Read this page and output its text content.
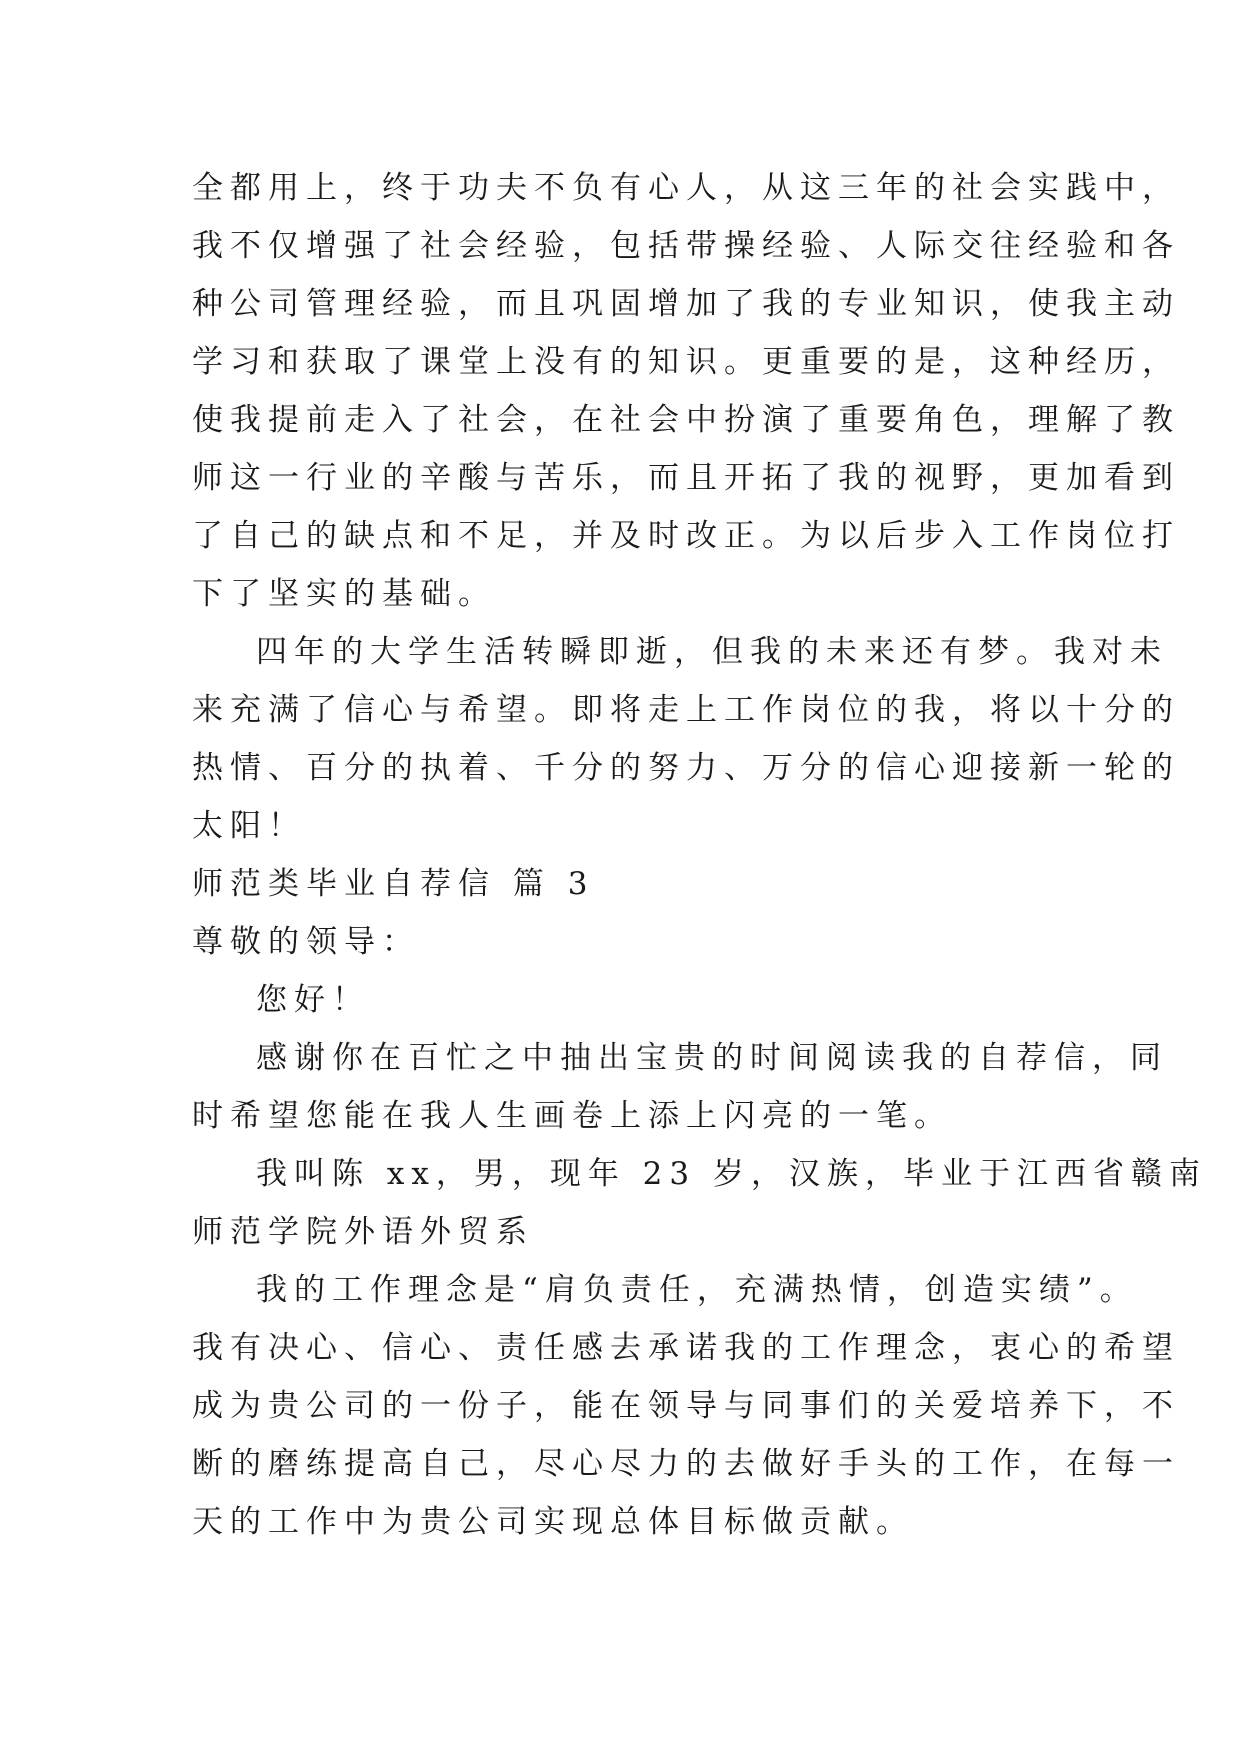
全都用上，终于功夫不负有心人，从这三年的社会实践中，
我不仅增强了社会经验，包括带操经验、人际交往经验和各
种公司管理经验，而且巩固增加了我的专业知识，使我主动
学习和获取了课堂上没有的知识。更重要的是，这种经历，
使我提前走入了社会，在社会中扮演了重要角色，理解了教
师这一行业的辛酸与苦乐，而且开拓了我的视野，更加看到
了自己的缺点和不足，并及时改正。为以后步入工作岗位打
下了坚实的基础。
四年的大学生活转瞬即逝，但我的未来还有梦。我对未
来充满了信心与希望。即将走上工作岗位的我，将以十分的
热情、百分的执着、千分的努力、万分的信心迎接新一轮的
太阳！
师范类毕业自荐信 篇 3
尊敬的领导：
您好！
感谢你在百忙之中抽出宝贵的时间阅读我的自荐信，同
时希望您能在我人生画卷上添上闪亮的一笔。
我叫陈 xx，男，现年 23 岁，汉族，毕业于江西省赣南
师范学院外语外贸系
我的工作理念是“肩负责任，充满热情，创造实绩”。
我有决心、信心、责任感去承诺我的工作理念，衷心的希望
成为贵公司的一份子，能在领导与同事们的关爱培养下，不
断的磨练提高自己，尽心尽力的去做好手头的工作，在每一
天的工作中为贵公司实现总体目标做贡献。
